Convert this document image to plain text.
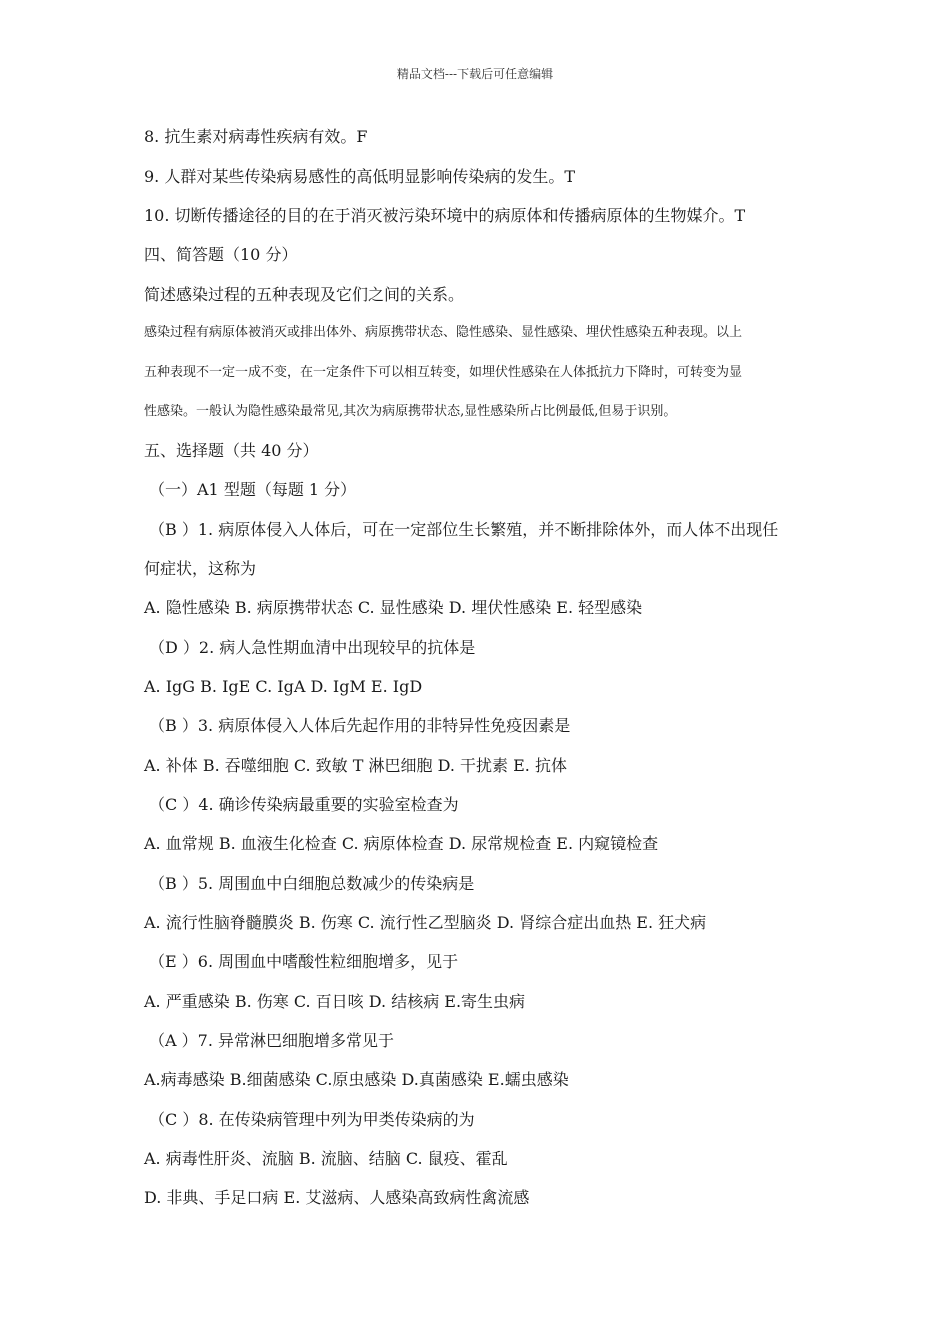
精品文档---下载后可任意编辑
8. 抗生素对病毒性疾病有效。F
9. 人群对某些传染病易感性的高低明显影响传染病的发生。T
10. 切断传播途径的目的在于消灭被污染环境中的病原体和传播病原体的生物媒介。T
四、简答题（10 分）
简述感染过程的五种表现及它们之间的关系。
感染过程有病原体被消灭或排出体外、病原携带状态、隐性感染、显性感染、埋伏性感染五种表现。以上
五种表现不一定一成不变，在一定条件下可以相互转变，如埋伏性感染在人体抵抗力下降时，可转变为显
性感染。一般认为隐性感染最常见,其次为病原携带状态,显性感染所占比例最低,但易于识别。
五、选择题（共 40 分）
（一）A1 型题（每题 1 分）
（B ）1. 病原体侵入人体后，可在一定部位生长繁殖，并不断排除体外，而人体不出现任
何症状，这称为
A. 隐性感染 B. 病原携带状态 C. 显性感染 D. 埋伏性感染 E. 轻型感染
（D ）2. 病人急性期血清中出现较早的抗体是
A. IgG B. IgE C. IgA D. IgM E. IgD
（B ）3. 病原体侵入人体后先起作用的非特异性免疫因素是
A. 补体 B. 吞噬细胞 C. 致敏 T 淋巴细胞 D. 干扰素 E. 抗体
（C ）4. 确诊传染病最重要的实验室检查为
A. 血常规 B. 血液生化检查 C. 病原体检查 D. 尿常规检查 E. 内窥镜检查
（B ）5. 周围血中白细胞总数减少的传染病是
A. 流行性脑脊髓膜炎 B. 伤寒 C. 流行性乙型脑炎 D. 肾综合症出血热 E. 狂犬病
（E ）6. 周围血中嗜酸性粒细胞增多，见于
A. 严重感染 B. 伤寒 C. 百日咳 D. 结核病 E.寄生虫病
（A ）7. 异常淋巴细胞增多常见于
A.病毒感染 B.细菌感染 C.原虫感染 D.真菌感染 E.蠕虫感染
（C ）8. 在传染病管理中列为甲类传染病的为
A. 病毒性肝炎、流脑 B. 流脑、结脑 C. 鼠疫、霍乱
D. 非典、手足口病 E. 艾滋病、人感染高致病性禽流感
